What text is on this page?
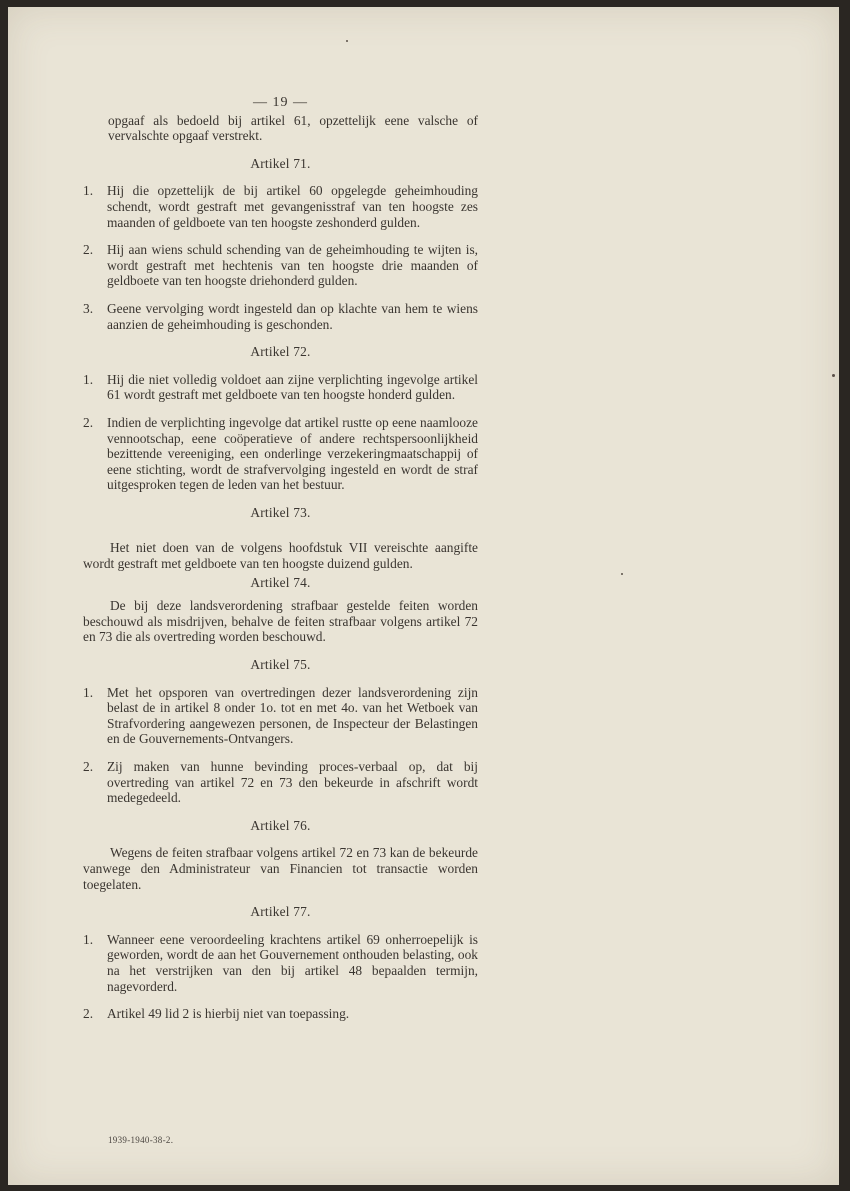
— 19 —

opgaaf als bedoeld bij artikel 61, opzettelijk eene valsche of vervalschte opgaaf verstrekt.

Artikel 71.
1.	Hij die opzettelijk de bij artikel 60 opgelegde geheimhouding schendt, wordt gestraft met gevangenisstraf van ten hoogste zes maanden of geldboete van ten hoogste zeshonderd gulden.
2.	Hij aan wiens schuld schending van de geheimhouding te wijten is, wordt gestraft met hechtenis van ten hoogste drie maanden of geldboete van ten hoogste driehonderd gulden.
3.	Geene vervolging wordt ingesteld dan op klachte van hem te wiens aanzien de geheimhouding is geschonden.
Artikel 72.
1.	Hij die niet volledig voldoet aan zijne verplichting ingevolge artikel 61 wordt gestraft met geldboete van ten hoogste honderd gulden.
2.	Indien de verplichting ingevolge dat artikel rustte op eene naamlooze vennootschap, eene coöperatieve of andere rechtspersoonlijkheid bezittende vereeniging, een onderlinge verzekeringmaatschappij of eene stichting, wordt de strafvervolging ingesteld en wordt de straf uitgesproken tegen de leden van het bestuur.
Artikel 73.

Het niet doen van de volgens hoofdstuk VII vereischte aangifte wordt gestraft met geldboete van ten hoogste duizend gulden.

Artikel 74.

De bij deze landsverordening strafbaar gestelde feiten worden beschouwd als misdrijven, behalve de feiten strafbaar volgens artikel 72 en 73 die als overtreding worden beschouwd.

Artikel 75.
1.	Met het opsporen van overtredingen dezer landsverordening zijn belast de in artikel 8 onder 1o. tot en met 4o. van het Wetboek van Strafvordering aangewezen personen, de Inspecteur der Belastingen en de Gouvernements-Ontvangers.
2.	Zij maken van hunne bevinding proces-verbaal op, dat bij overtreding van artikel 72 en 73 den bekeurde in afschrift wordt medegedeeld.
Artikel 76.

Wegens de feiten strafbaar volgens artikel 72 en 73 kan de bekeurde vanwege den Administrateur van Financien tot transactie worden toegelaten.

Artikel 77.
1.	Wanneer eene veroordeeling krachtens artikel 69 onherroepelijk is geworden, wordt de aan het Gouvernement onthouden belasting, ook na het verstrijken van den bij artikel 48 bepaalden termijn, nagevorderd.
2.	Artikel 49 lid 2 is hierbij niet van toepassing.
1939-1940-38-2.
